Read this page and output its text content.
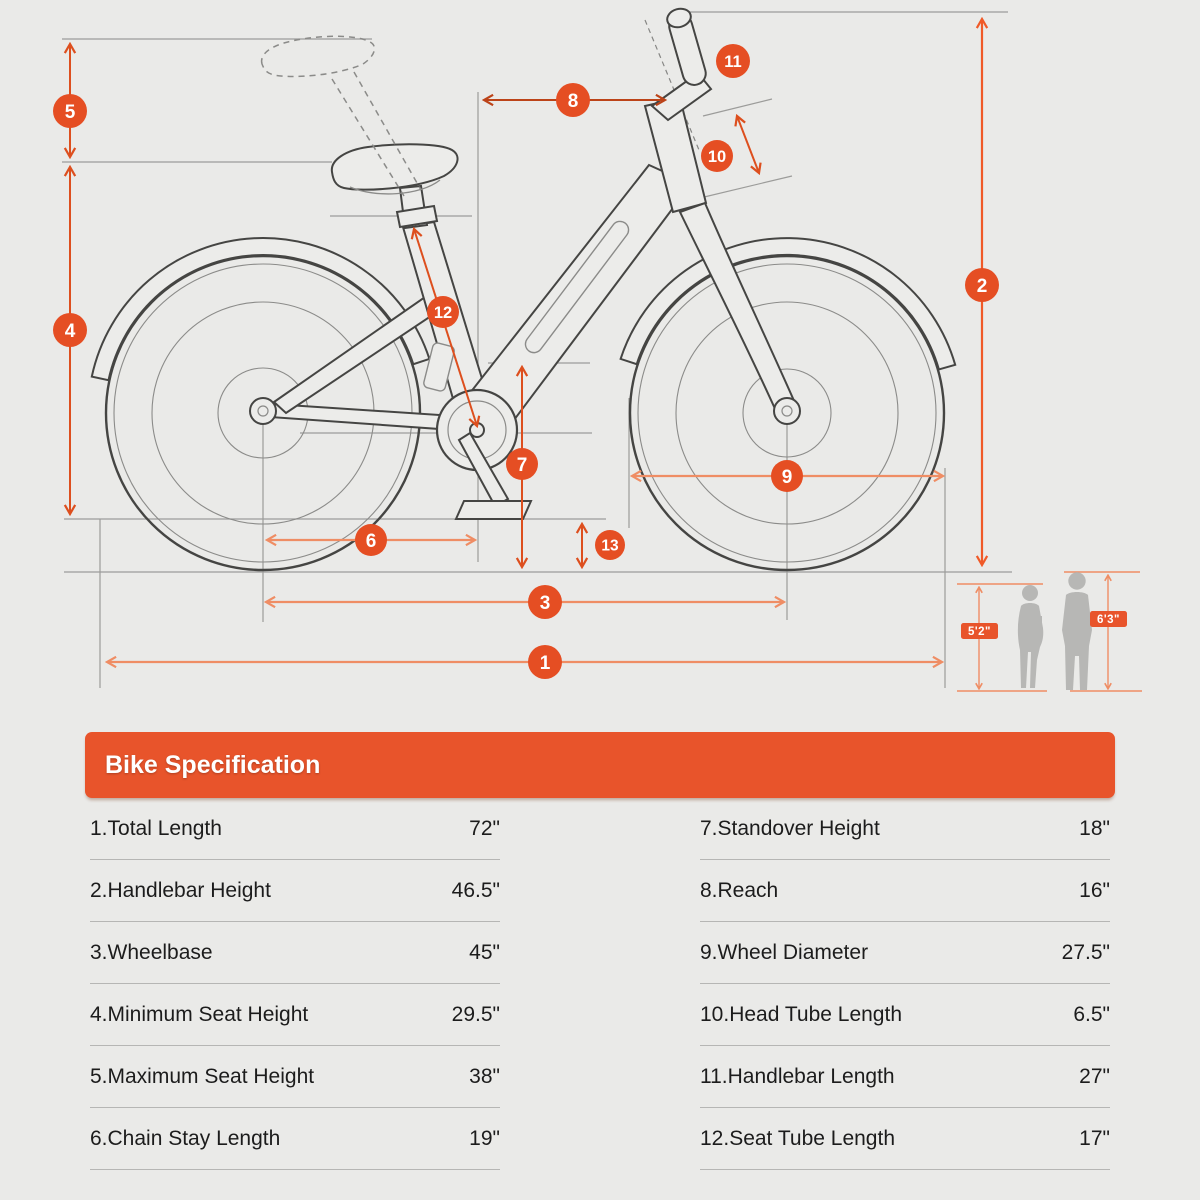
5
4
8
11
10
2
12
7
13
9
6
3
1
5'2"
6'3"
Bike Specification
1.Total Length	72"
2.Handlebar Height	46.5"
3.Wheelbase	45"
4.Minimum Seat Height	29.5"
5.Maximum Seat Height	38"
6.Chain Stay Length	19"
7.Standover Height	18"
8.Reach	16"
9.Wheel Diameter	27.5"
10.Head Tube Length	6.5"
11.Handlebar Length	27"
12.Seat Tube Length	17"
